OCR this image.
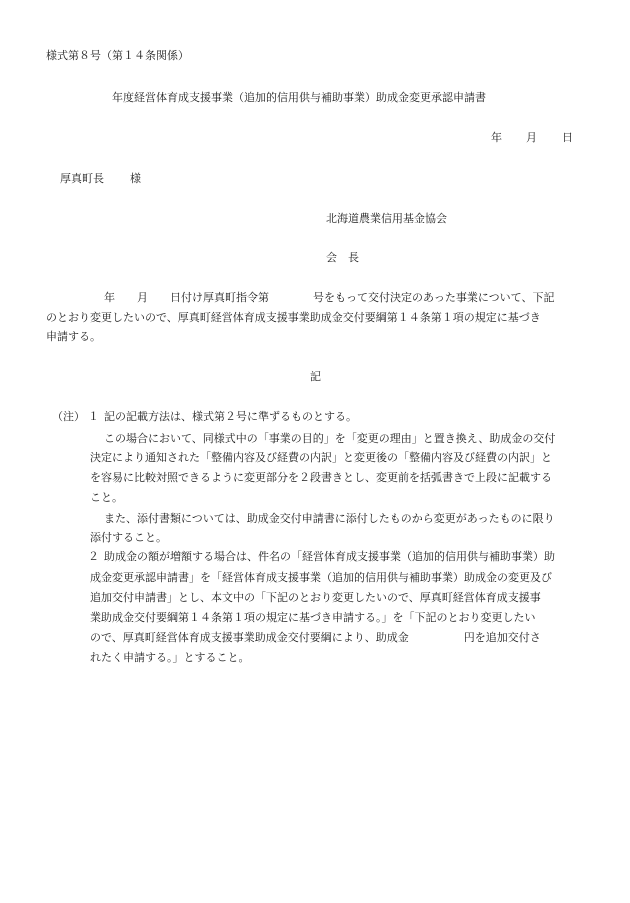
様式第８号（第１４条関係）
年度経営体育成支援事業（追加的信用供与補助事業）助成金変更承認申請書
年 月 日
厚真町長 様
北海道農業信用基金協会
会　長
年　　月　　日付け厚真町指令第　　　　号をもって交付決定のあった事業について、下記
のとおり変更したいので、厚真町経営体育成支援事業助成金交付要綱第１４条第１項の規定に基づき
申請する。
記
（注） １ 記の記載方法は、様式第２号に準ずるものとする。
この場合において、同様式中の「事業の目的」を「変更の理由」と置き換え、助成金の交付
決定により通知された「整備内容及び経費の内訳」と変更後の「整備内容及び経費の内訳」と
を容易に比較対照できるように変更部分を２段書きとし、変更前を括弧書きで上段に記載する
こと。
また、添付書類については、助成金交付申請書に添付したものから変更があったものに限り
添付すること。
２ 助成金の額が増額する場合は、件名の「経営体育成支援事業（追加的信用供与補助事業）助
成金変更承認申請書」を「経営体育成支援事業（追加的信用供与補助事業）助成金の変更及び
追加交付申請書」とし、本文中の「下記のとおり変更したいので、厚真町経営体育成支援事
業助成金交付要綱第１４条第１項の規定に基づき申請する。」を「下記のとおり変更したい
ので、厚真町経営体育成支援事業助成金交付要綱により、助成金　　　　　円を追加交付さ
れたく申請する。」とすること。
